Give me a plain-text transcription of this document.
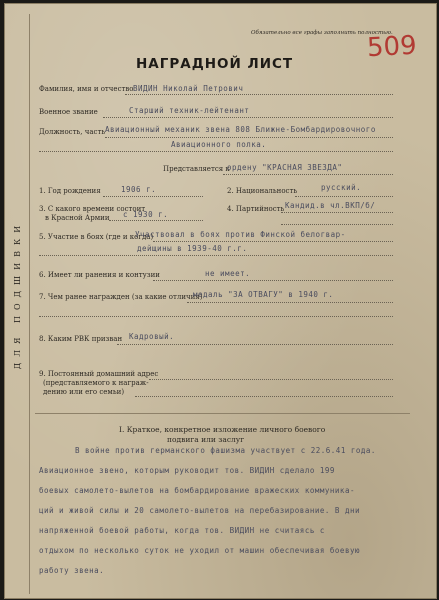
Обязательно все графы заполнить полностью.
509
ДЛЯ ПОДШИВКИ
НАГРАДНОЙ ЛИСТ
Фамилия, имя и отчество ВИДИН Николай Петрович
Военное звание	Старший техник-лейтенант
Должность, часть Авиационный механик звена 808 Ближне-Бомбардировочного
Авиационного полка.
Представляется к
ордену "КРАСНАЯ ЗВЕЗДА"
1. Год рождения	1906 г.	2. Национальность	русский.
3. С какого времени состоит
в Красной Армии с 1930 г.
4. Партийность Кандид.в чл.ВКП/б/
5. Участие в боях (где и когда)
Участвовал в боях против Финской белогвар-
дейщины в 1939-40 г.г.
6. Имеет ли ранения и контузии	не имеет.
7. Чем ранее награжден (за какие отличия)
медаль "ЗА ОТВАГУ" в 1940 г.
8. Каким РВК призван Кадровый.
9. Постоянный домашний адрес
(представляемого к награж-
дению или его семьи)
I. Краткое, конкретное изложение личного боевого
подвига или заслуг
В войне против германского фашизма участвует с 22.6.41 года.
Авиационное звено, которым руководит тов. ВИДИН сделало 199
боевых самолето-вылетов на бомбардирование вражеских коммуника-
ций и живой силы и 20 самолето-вылетов на перебазирование. В дни
напряженной боевой работы, когда тов. ВИДИН не считаясь с
отдыхом по несколько суток не уходил от машин обеспечивая боевую
работу звена.
